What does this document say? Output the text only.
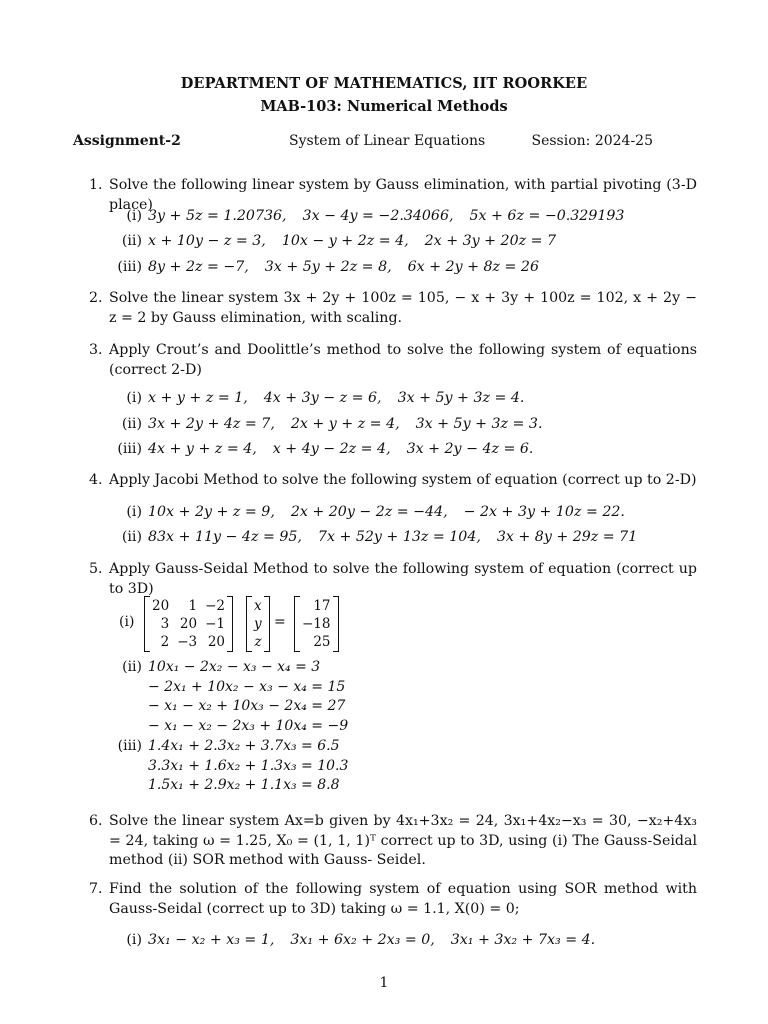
DEPARTMENT OF MATHEMATICS, IIT ROORKEE
MAB-103: Numerical Methods
Assignment-2	System of Linear Equations	Session: 2024-25
1. Solve the following linear system by Gauss elimination, with partial pivoting (3-D place)
(i) 3y + 5z = 1.20736, 3x − 4y = −2.34066, 5x + 6z = −0.329193
(ii) x + 10y − z = 3, 10x − y + 2z = 4, 2x + 3y + 20z = 7
(iii) 8y + 2z = −7, 3x + 5y + 2z = 8, 6x + 2y + 8z = 26
2. Solve the linear system 3x + 2y + 100z = 105, − x + 3y + 100z = 102, x + 2y − z = 2 by Gauss elimination, with scaling.
3. Apply Crout’s and Doolittle’s method to solve the following system of equations (correct 2-D)
(i) x + y + z = 1, 4x + 3y − z = 6, 3x + 5y + 3z = 4.
(ii) 3x + 2y + 4z = 7, 2x + y + z = 4, 3x + 5y + 3z = 3.
(iii) 4x + y + z = 4, x + 4y − 2z = 4, 3x + 2y − 4z = 6.
4. Apply Jacobi Method to solve the following system of equation (correct up to 2-D)
(i) 10x + 2y + z = 9, 2x + 20y − 2z = −44, − 2x + 3y + 10z = 22.
(ii) 83x + 11y − 4z = 95, 7x + 52y + 13z = 104, 3x + 8y + 29z = 71
5. Apply Gauss-Seidal Method to solve the following system of equation (correct up to 3D)
(i)
20	1	−2
3	20	−1
2	−3	20
x
y
z
=
17
−18
25
(ii) 10x₁ − 2x₂ − x₃ − x₄ = 3
− 2x₁ + 10x₂ − x₃ − x₄ = 15
− x₁ − x₂ + 10x₃ − 2x₄ = 27
− x₁ − x₂ − 2x₃ + 10x₄ = −9
(iii) 1.4x₁ + 2.3x₂ + 3.7x₃ = 6.5
3.3x₁ + 1.6x₂ + 1.3x₃ = 10.3
1.5x₁ + 2.9x₂ + 1.1x₃ = 8.8
6. Solve the linear system Ax=b given by 4x₁+3x₂ = 24, 3x₁+4x₂−x₃ = 30, −x₂+4x₃ = 24, taking ω = 1.25, X₀ = (1, 1, 1)ᵀ correct up to 3D, using (i) The Gauss-Seidal method (ii) SOR method with Gauss- Seidel.
7. Find the solution of the following system of equation using SOR method with Gauss-Seidal (correct up to 3D) taking ω = 1.1, X(0) = 0;
(i) 3x₁ − x₂ + x₃ = 1, 3x₁ + 6x₂ + 2x₃ = 0, 3x₁ + 3x₂ + 7x₃ = 4.
1
